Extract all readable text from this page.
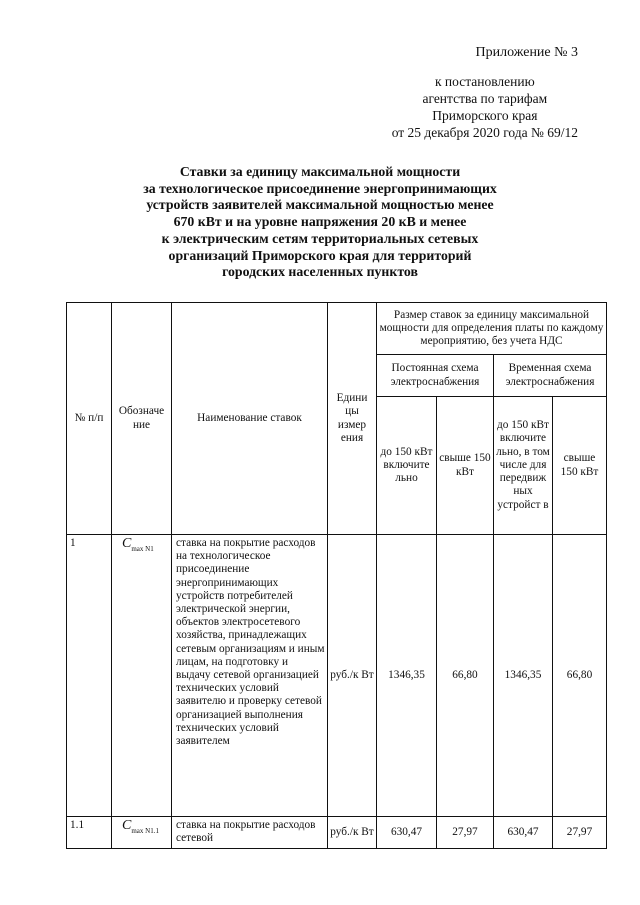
Приложение № 3
к постановлению
агентства по тарифам
Приморского края
от 25 декабря 2020 года № 69/12
Ставки за единицу максимальной мощности
за технологическое присоединение энергопринимающих
устройств заявителей максимальной мощностью менее
670 кВт и на уровне напряжения 20 кВ и менее
к электрическим сетям территориальных сетевых
организаций Приморского края для территорий
городских населенных пунктов
№ п/п	Обозначе ние	Наименование ставок	Едини цы измер ения	Размер ставок за единицу максимальной мощности для определения платы по каждому мероприятию, без учета НДС			
				Постоянная схема электроснабжения		Временная схема электроснабжения	
				до 150 кВт включите льно	свыше 150 кВт	до 150 кВт включите льно, в том числе для передвиж ных устройст в	свыше 150 кВт
1	$C_{max N1}$	ставка на покрытие расходов на технологическое присоединение энергопринимающих устройств потребителей электрической энергии, объектов электросетевого хозяйства, принадлежащих сетевым организациям и иным лицам, на подготовку и выдачу сетевой организацией технических условий заявителю и проверку сетевой организацией выполнения технических условий заявителем	руб./к Вт	1346,35	66,80	1346,35	66,80
1.1	$C_{max N1.1}$	ставка на покрытие расходов сетевой	руб./к Вт	630,47	27,97	630,47	27,97
